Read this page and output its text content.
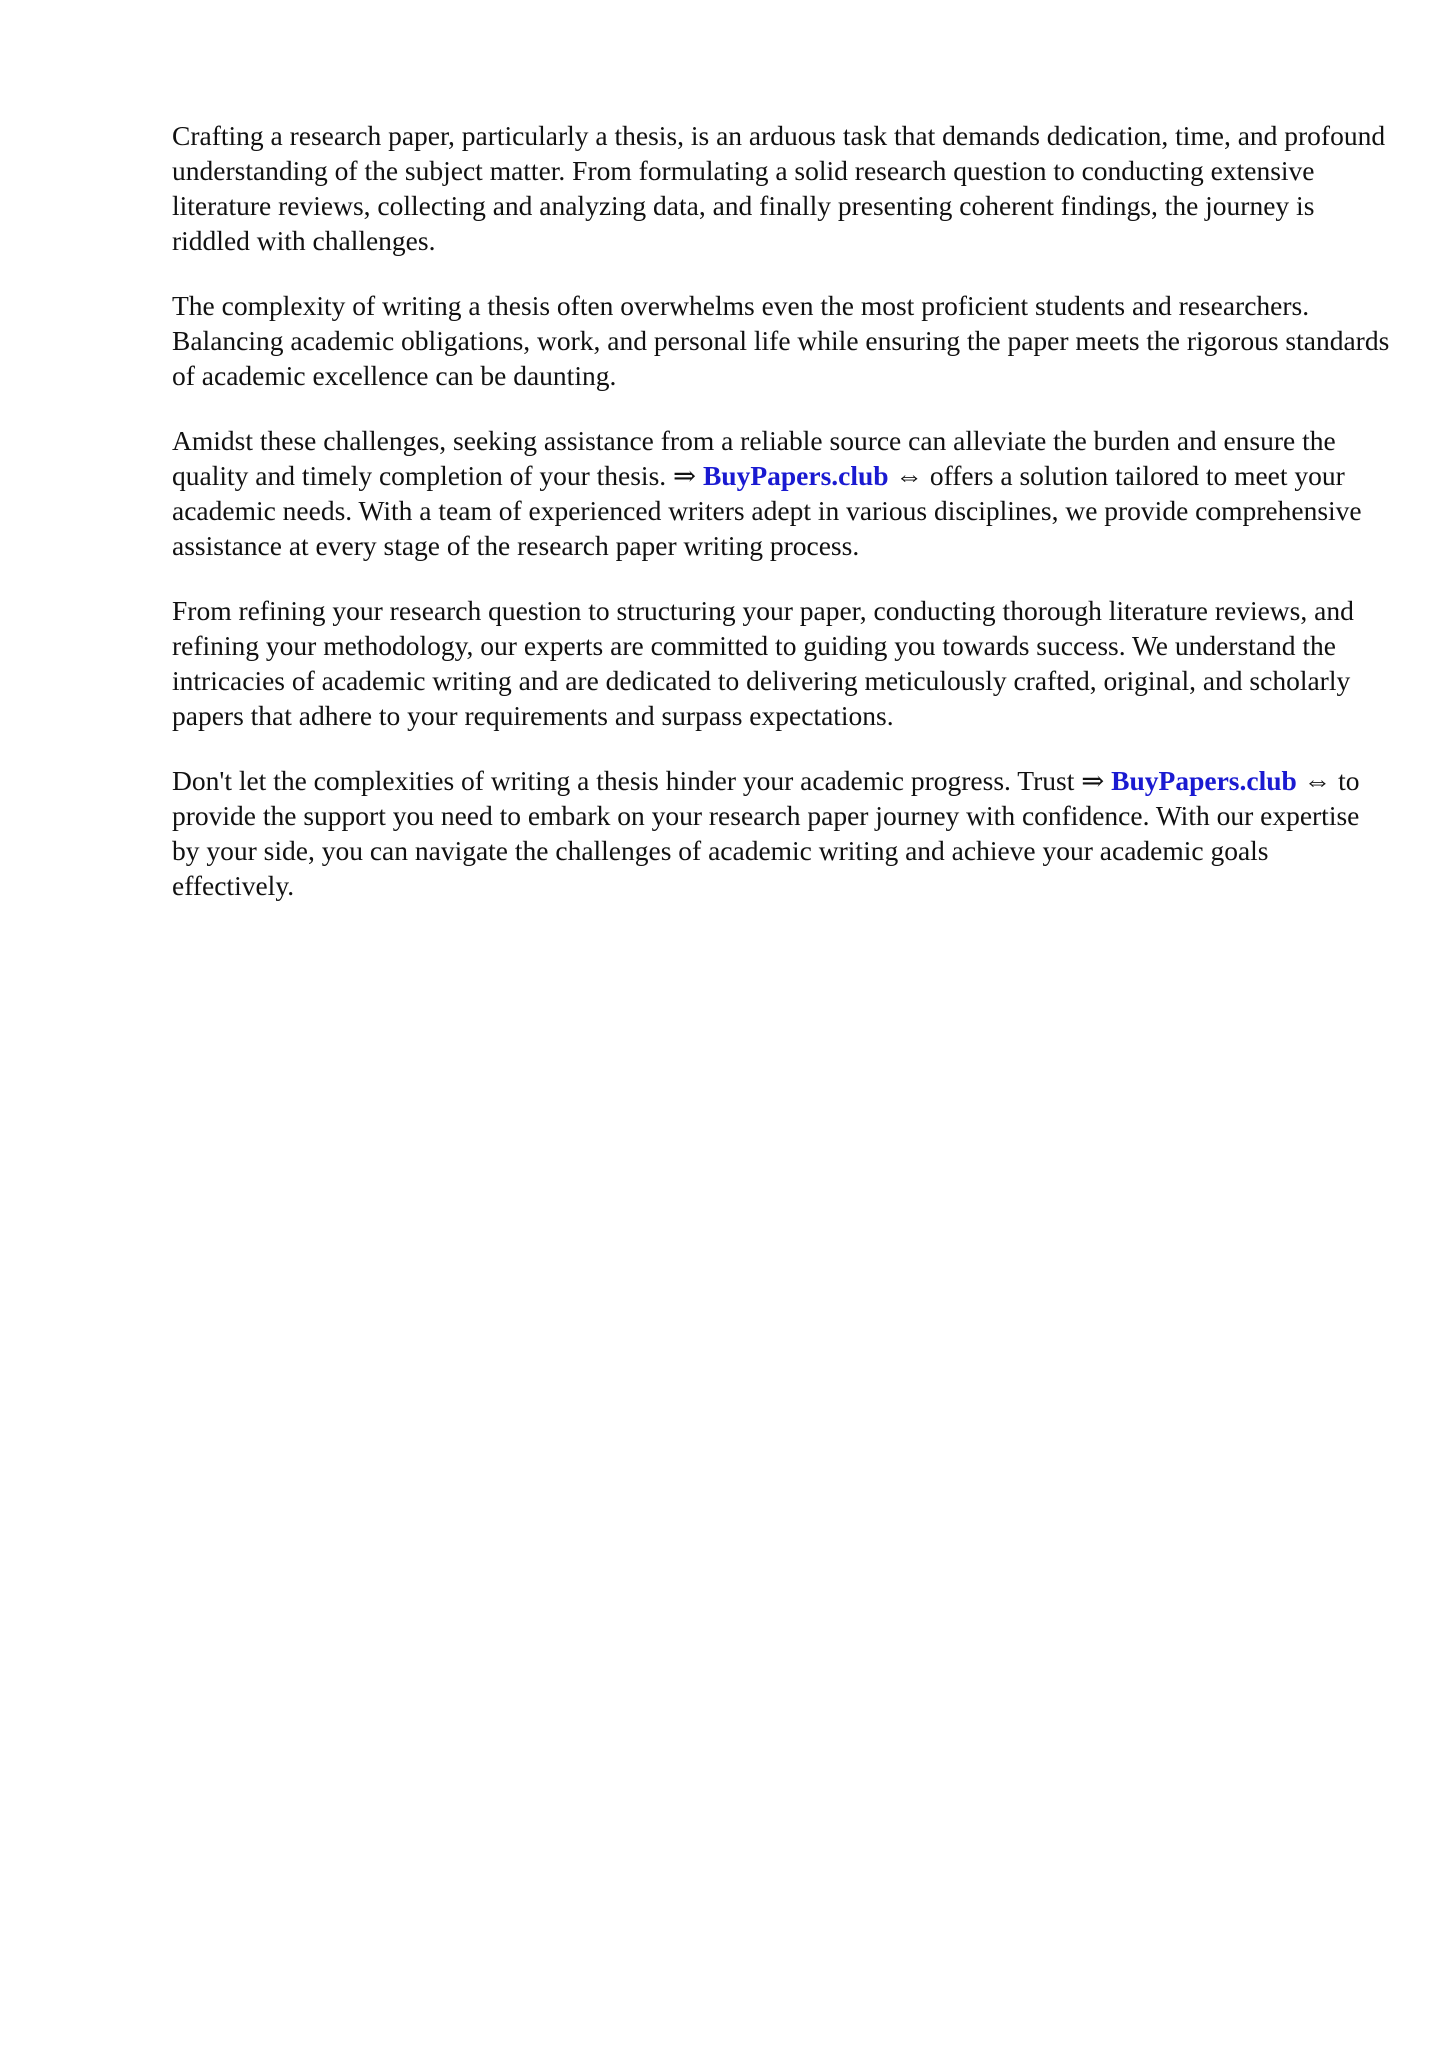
Crafting a research paper, particularly a thesis, is an arduous task that demands dedication, time, and profound understanding of the subject matter. From formulating a solid research question to conducting extensive literature reviews, collecting and analyzing data, and finally presenting coherent findings, the journey is riddled with challenges.

The complexity of writing a thesis often overwhelms even the most proficient students and researchers. Balancing academic obligations, work, and personal life while ensuring the paper meets the rigorous standards of academic excellence can be daunting.

Amidst these challenges, seeking assistance from a reliable source can alleviate the burden and ensure the quality and timely completion of your thesis. ⇒ BuyPapers.club ⇔ offers a solution tailored to meet your academic needs. With a team of experienced writers adept in various disciplines, we provide comprehensive assistance at every stage of the research paper writing process.

From refining your research question to structuring your paper, conducting thorough literature reviews, and refining your methodology, our experts are committed to guiding you towards success. We understand the intricacies of academic writing and are dedicated to delivering meticulously crafted, original, and scholarly papers that adhere to your requirements and surpass expectations.

Don't let the complexities of writing a thesis hinder your academic progress. Trust ⇒ BuyPapers.club ⇔ to provide the support you need to embark on your research paper journey with confidence. With our expertise by your side, you can navigate the challenges of academic writing and achieve your academic goals effectively.
